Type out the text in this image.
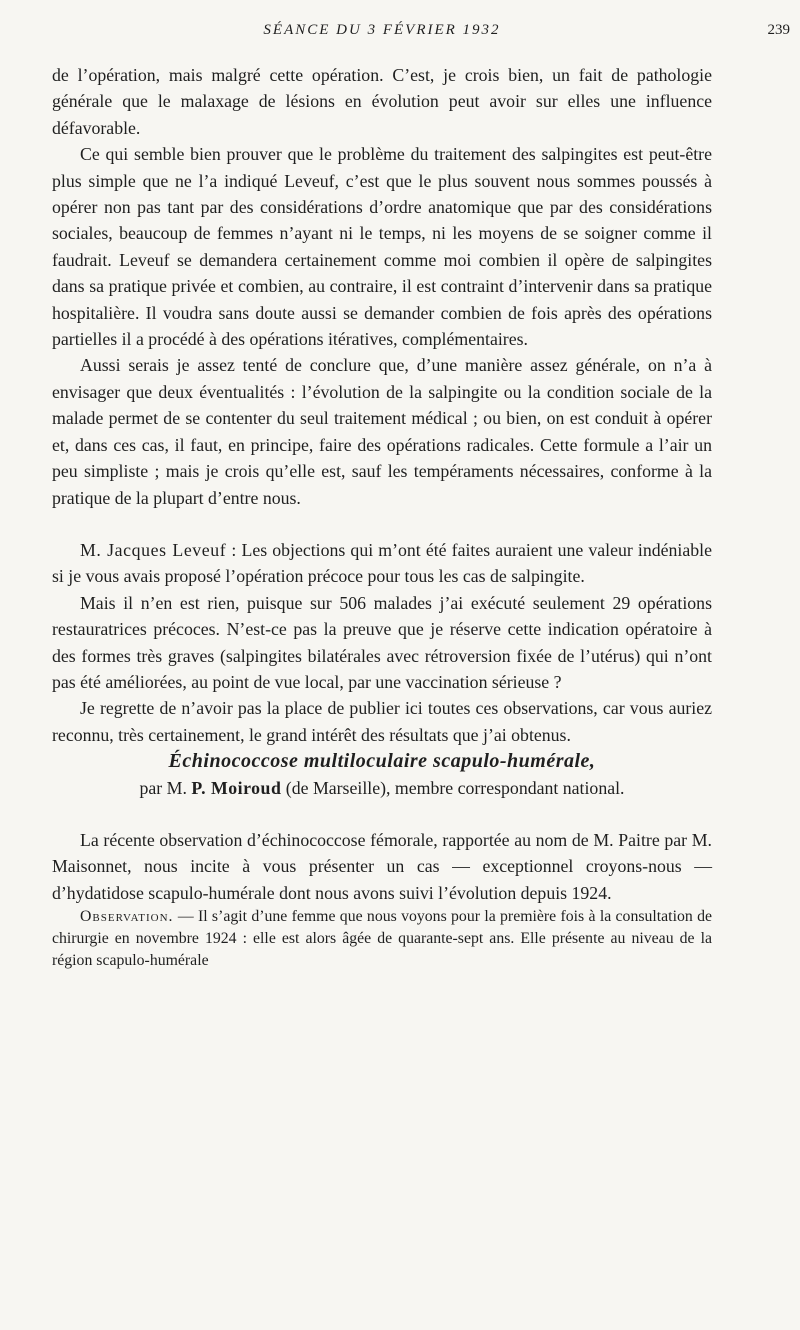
SÉANCE DU 3 FÉVRIER 1932	239

de l’opération, mais malgré cette opération. C’est, je crois bien, un fait de pathologie générale que le malaxage de lésions en évolution peut avoir sur elles une influence défavorable.

Ce qui semble bien prouver que le problème du traitement des salpingites est peut-être plus simple que ne l’a indiqué Leveuf, c’est que le plus souvent nous sommes poussés à opérer non pas tant par des considérations d’ordre anatomique que par des considérations sociales, beaucoup de femmes n’ayant ni le temps, ni les moyens de se soigner comme il faudrait. Leveuf se demandera certainement comme moi combien il opère de salpingites dans sa pratique privée et combien, au contraire, il est contraint d’intervenir dans sa pratique hospitalière. Il voudra sans doute aussi se demander combien de fois après des opérations partielles il a procédé à des opérations itératives, complémentaires.

Aussi serais je assez tenté de conclure que, d’une manière assez générale, on n’a à envisager que deux éventualités : l’évolution de la salpingite ou la condition sociale de la malade permet de se contenter du seul traitement médical ; ou bien, on est conduit à opérer et, dans ces cas, il faut, en principe, faire des opérations radicales. Cette formule a l’air un peu simpliste ; mais je crois qu’elle est, sauf les tempéraments nécessaires, conforme à la pratique de la plupart d’entre nous.

M. Jacques Leveuf : Les objections qui m’ont été faites auraient une valeur indéniable si je vous avais proposé l’opération précoce pour tous les cas de salpingite.

Mais il n’en est rien, puisque sur 506 malades j’ai exécuté seulement 29 opérations restauratrices précoces. N’est-ce pas la preuve que je réserve cette indication opératoire à des formes très graves (salpingites bilatérales avec rétroversion fixée de l’utérus) qui n’ont pas été améliorées, au point de vue local, par une vaccination sérieuse ?

Je regrette de n’avoir pas la place de publier ici toutes ces observations, car vous auriez reconnu, très certainement, le grand intérêt des résultats que j’ai obtenus.

Échinococcose multiloculaire scapulo-humérale,

par M. P. Moiroud (de Marseille), membre correspondant national.

La récente observation d’échinococcose fémorale, rapportée au nom de M. Paitre par M. Maisonnet, nous incite à vous présenter un cas — exceptionnel croyons-nous — d’hydatidose scapulo-humérale dont nous avons suivi l’évolution depuis 1924.

Observation. — Il s’agit d’une femme que nous voyons pour la première fois à la consultation de chirurgie en novembre 1924 : elle est alors âgée de quarante-sept ans. Elle présente au niveau de la région scapulo-humérale
